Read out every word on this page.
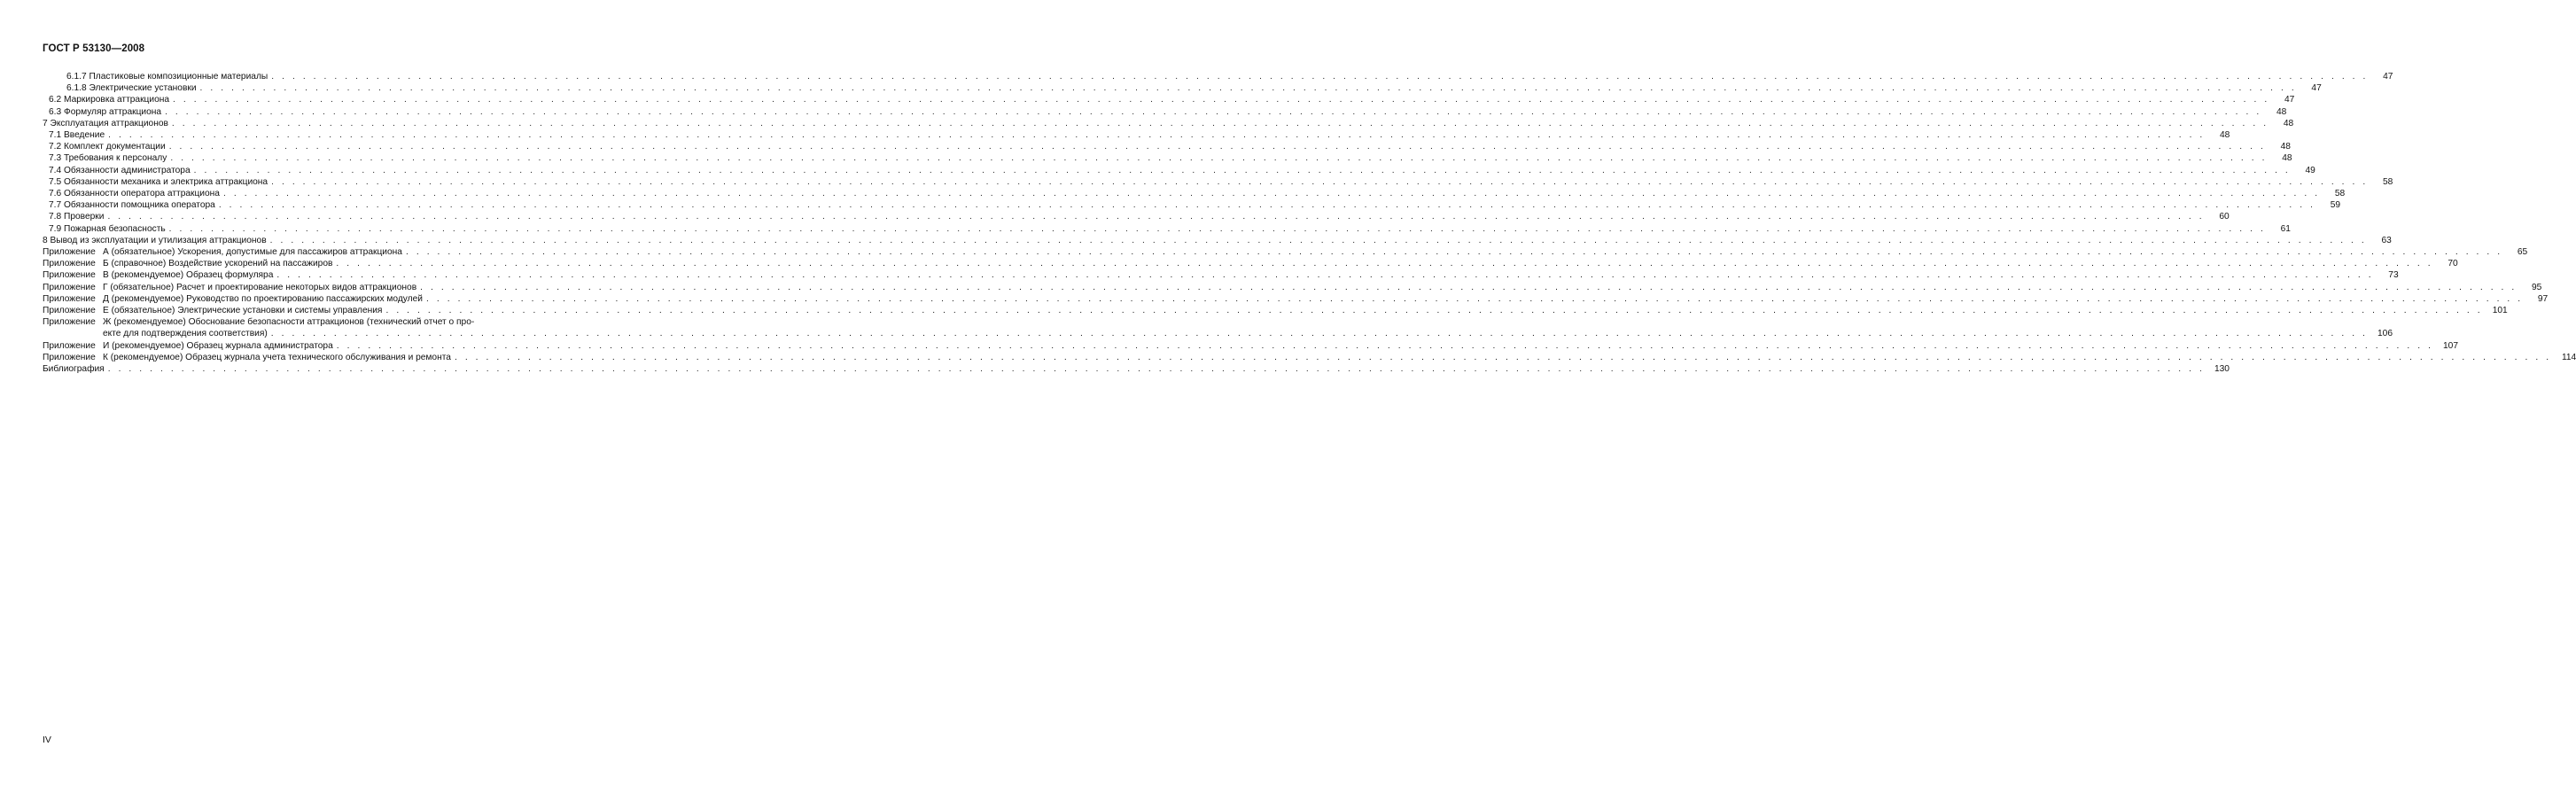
ГОСТ Р 53130—2008
6.1.7 Пластиковые композиционные материалы . . . . . . . . . . . . . . . . . . . . . . . . . . . . . . . . . . . . . . . . . . . . . . . . . . . . . . . . . . . . . . . . . . . . . . . . . . . . . . . . . . . . . . . . . . . . . . . . . . . . . . . . . . . . . . . . . . . . . . . . . . . . . . . . . . . . . . . . . . . . . . . . . . . . . . . . . . . . . . . . . . . . . . . . . . . . . . . . . . . . . . . . . . . . . . . . . . . . . . . .	47
6.1.8 Электрические установки . . . . . . . . . . . . . . . . . . . . . . . . . . . . . . . . . . . . . . . . . . . . . . . . . . . . . . . . . . . . . . . . . . . . . . . . . . . . . . . . . . . . . . . . . . . . . . . . . . . . . . . . . . . . . . . . . . . . . . . . . . . . . . . . . . . . . . . . . . . . . . . . . . . . . . . . . . . . . . . . . . . . . . . . . . . . . . . . . . . . . . . . . . . . . . . . . . . . . . . .	47
6.2 Маркировка аттракциона . . . . . . . . . . . . . . . . . . . . . . . . . . . . . . . . . . . . . . . . . . . . . . . . . . . . . . . . . . . . . . . . . . . . . . . . . . . . . . . . . . . . . . . . . . . . . . . . . . . . . . . . . . . . . . . . . . . . . . . . . . . . . . . . . . . . . . . . . . . . . . . . . . . . . . . . . . . . . . . . . . . . . . . . . . . . . . . . . . . . . . . . . . . . . . . . . . . . . . . .	47
6.3 Формуляр аттракциона . . . . . . . . . . . . . . . . . . . . . . . . . . . . . . . . . . . . . . . . . . . . . . . . . . . . . . . . . . . . . . . . . . . . . . . . . . . . . . . . . . . . . . . . . . . . . . . . . . . . . . . . . . . . . . . . . . . . . . . . . . . . . . . . . . . . . . . . . . . . . . . . . . . . . . . . . . . . . . . . . . . . . . . . . . . . . . . . . . . . . . . . . . . . . . . . . . . . . . . .	48
7 Эксплуатация аттракционов . . . . . . . . . . . . . . . . . . . . . . . . . . . . . . . . . . . . . . . . . . . . . . . . . . . . . . . . . . . . . . . . . . . . . . . . . . . . . . . . . . . . . . . . . . . . . . . . . . . . . . . . . . . . . . . . . . . . . . . . . . . . . . . . . . . . . . . . . . . . . . . . . . . . . . . . . . . . . . . . . . . . . . . . . . . . . . . . . . . . . . . . . . . . . . . . . . . . . . . .	48
7.1 Введение . . . . . . . . . . . . . . . . . . . . . . . . . . . . . . . . . . . . . . . . . . . . . . . . . . . . . . . . . . . . . . . . . . . . . . . . . . . . . . . . . . . . . . . . . . . . . . . . . . . . . . . . . . . . . . . . . . . . . . . . . . . . . . . . . . . . . . . . . . . . . . . . . . . . . . . . . . . . . . . . . . . . . . . . . . . . . . . . . . . . . . . . . . . . . . . . . . . . . . . .	48
7.2 Комплект документации . . . . . . . . . . . . . . . . . . . . . . . . . . . . . . . . . . . . . . . . . . . . . . . . . . . . . . . . . . . . . . . . . . . . . . . . . . . . . . . . . . . . . . . . . . . . . . . . . . . . . . . . . . . . . . . . . . . . . . . . . . . . . . . . . . . . . . . . . . . . . . . . . . . . . . . . . . . . . . . . . . . . . . . . . . . . . . . . . . . . . . . . . . . . . . . . . . . . . . . .	48
7.3 Требования к персоналу . . . . . . . . . . . . . . . . . . . . . . . . . . . . . . . . . . . . . . . . . . . . . . . . . . . . . . . . . . . . . . . . . . . . . . . . . . . . . . . . . . . . . . . . . . . . . . . . . . . . . . . . . . . . . . . . . . . . . . . . . . . . . . . . . . . . . . . . . . . . . . . . . . . . . . . . . . . . . . . . . . . . . . . . . . . . . . . . . . . . . . . . . . . . . . . . . . . . . . . .	48
7.4 Обязанности администратора . . . . . . . . . . . . . . . . . . . . . . . . . . . . . . . . . . . . . . . . . . . . . . . . . . . . . . . . . . . . . . . . . . . . . . . . . . . . . . . . . . . . . . . . . . . . . . . . . . . . . . . . . . . . . . . . . . . . . . . . . . . . . . . . . . . . . . . . . . . . . . . . . . . . . . . . . . . . . . . . . . . . . . . . . . . . . . . . . . . . . . . . . . . . . . . . . . . . . . . .	49
7.5 Обязанности механика и электрика аттракциона . . . . . . . . . . . . . . . . . . . . . . . . . . . . . . . . . . . . . . . . . . . . . . . . . . . . . . . . . . . . . . . . . . . . . . . . . . . . . . . . . . . . . . . . . . . . . . . . . . . . . . . . . . . . . . . . . . . . . . . . . . . . . . . . . . . . . . . . . . . . . . . . . . . . . . . . . . . . . . . . . . . . . . . . . . . . . . . . . . . . . . . . . . . . . . . . . . . . . . . .	58
7.6 Обязанности оператора аттракциона . . . . . . . . . . . . . . . . . . . . . . . . . . . . . . . . . . . . . . . . . . . . . . . . . . . . . . . . . . . . . . . . . . . . . . . . . . . . . . . . . . . . . . . . . . . . . . . . . . . . . . . . . . . . . . . . . . . . . . . . . . . . . . . . . . . . . . . . . . . . . . . . . . . . . . . . . . . . . . . . . . . . . . . . . . . . . . . . . . . . . . . . . . . . . . . . . . . . . . . .	58
7.7 Обязанности помощника оператора . . . . . . . . . . . . . . . . . . . . . . . . . . . . . . . . . . . . . . . . . . . . . . . . . . . . . . . . . . . . . . . . . . . . . . . . . . . . . . . . . . . . . . . . . . . . . . . . . . . . . . . . . . . . . . . . . . . . . . . . . . . . . . . . . . . . . . . . . . . . . . . . . . . . . . . . . . . . . . . . . . . . . . . . . . . . . . . . . . . . . . . . . . . . . . . . . . . . . . . .	59
7.8 Проверки . . . . . . . . . . . . . . . . . . . . . . . . . . . . . . . . . . . . . . . . . . . . . . . . . . . . . . . . . . . . . . . . . . . . . . . . . . . . . . . . . . . . . . . . . . . . . . . . . . . . . . . . . . . . . . . . . . . . . . . . . . . . . . . . . . . . . . . . . . . . . . . . . . . . . . . . . . . . . . . . . . . . . . . . . . . . . . . . . . . . . . . . . . . . . . . . . . . . . . . .	60
7.9 Пожарная безопасность . . . . . . . . . . . . . . . . . . . . . . . . . . . . . . . . . . . . . . . . . . . . . . . . . . . . . . . . . . . . . . . . . . . . . . . . . . . . . . . . . . . . . . . . . . . . . . . . . . . . . . . . . . . . . . . . . . . . . . . . . . . . . . . . . . . . . . . . . . . . . . . . . . . . . . . . . . . . . . . . . . . . . . . . . . . . . . . . . . . . . . . . . . . . . . . . . . . . . . . .	61
8 Вывод из эксплуатации и утилизация аттракционов . . . . . . . . . . . . . . . . . . . . . . . . . . . . . . . . . . . . . . . . . . . . . . . . . . . . . . . . . . . . . . . . . . . . . . . . . . . . . . . . . . . . . . . . . . . . . . . . . . . . . . . . . . . . . . . . . . . . . . . . . . . . . . . . . . . . . . . . . . . . . . . . . . . . . . . . . . . . . . . . . . . . . . . . . . . . . . . . . . . . . . . . . . . . . . . . . . . . . . . .	63
Приложение А (обязательное) Ускорения, допустимые для пассажиров аттракциона . . . . . . . . . . . . . . . . . . . . . . . . . . . . . . . . . . . . . . . . . . . . . . . . . . . . . . . . . . . . . . . . . . . . . . . . . . . . . . . . . . . . . . . . . . . . . . . . . . . . . . . . . . . . . . . . . . . . . . . . . . . . . . . . . . . . . . . . . . . . . . . . . . . . . . . . . . . . . . . . . . . . . . . . . . . . . . . . . . . . . . . . . . . . . . . . . . . . . . . .	65
Приложение Б (справочное) Воздействие ускорений на пассажиров . . . . . . . . . . . . . . . . . . . . . . . . . . . . . . . . . . . . . . . . . . . . . . . . . . . . . . . . . . . . . . . . . . . . . . . . . . . . . . . . . . . . . . . . . . . . . . . . . . . . . . . . . . . . . . . . . . . . . . . . . . . . . . . . . . . . . . . . . . . . . . . . . . . . . . . . . . . . . . . . . . . . . . . . . . . . . . . . . . . . . . . . . . . . . . . . . . . . . . . .	70
Приложение В (рекомендуемое) Образец формуляра . . . . . . . . . . . . . . . . . . . . . . . . . . . . . . . . . . . . . . . . . . . . . . . . . . . . . . . . . . . . . . . . . . . . . . . . . . . . . . . . . . . . . . . . . . . . . . . . . . . . . . . . . . . . . . . . . . . . . . . . . . . . . . . . . . . . . . . . . . . . . . . . . . . . . . . . . . . . . . . . . . . . . . . . . . . . . . . . . . . . . . . . . . . . . . . . . . . . . . . .	73
Приложение Г (обязательное) Расчет и проектирование некоторых видов аттракционов . . . . . . . . . . . . . . . . . . . . . . . . . . . . . . . . . . . . . . . . . . . . . . . . . . . . . . . . . . . . . . . . . . . . . . . . . . . . . . . . . . . . . . . . . . . . . . . . . . . . . . . . . . . . . . . . . . . . . . . . . . . . . . . . . . . . . . . . . . . . . . . . . . . . . . . . . . . . . . . . . . . . . . . . . . . . . . . . . . . . . . . . . . . . . . . . . . . . . . . .	95
Приложение Д (рекомендуемое) Руководство по проектированию пассажирских модулей . . . . . . . . . . . . . . . . . . . . . . . . . . . . . . . . . . . . . . . . . . . . . . . . . . . . . . . . . . . . . . . . . . . . . . . . . . . . . . . . . . . . . . . . . . . . . . . . . . . . . . . . . . . . . . . . . . . . . . . . . . . . . . . . . . . . . . . . . . . . . . . . . . . . . . . . . . . . . . . . . . . . . . . . . . . . . . . . . . . . . . . . . . . . . . . . . . . . . . . .	97
Приложение Е (обязательное) Электрические установки и системы управления . . . . . . . . . . . . . . . . . . . . . . . . . . . . . . . . . . . . . . . . . . . . . . . . . . . . . . . . . . . . . . . . . . . . . . . . . . . . . . . . . . . . . . . . . . . . . . . . . . . . . . . . . . . . . . . . . . . . . . . . . . . . . . . . . . . . . . . . . . . . . . . . . . . . . . . . . . . . . . . . . . . . . . . . . . . . . . . . . . . . . . . . . . . . . . . . . . . . . . . .	101
Приложение Ж (рекомендуемое) Обоснование безопасности аттракционов (технический отчет о про-
екте для подтверждения соответствия) . . . . . . . . . . . . . . . . . . . . . . . . . . . . . . . . . . . . . . . . . . . . . . . . . . . . . . . . . . . . . . . . . . . . . . . . . . . . . . . . . . . . . . . . . . . . . . . . . . . . . . . . . . . . . . . . . . . . . . . . . . . . . . . . . . . . . . . . . . . . . . . . . . . . . . . . . . . . . . . . . . . . . . . . . . . . . . . . . . . . . . . . . . . . . . . . . . . . . . . .	106
Приложение И (рекомендуемое) Образец журнала администратора . . . . . . . . . . . . . . . . . . . . . . . . . . . . . . . . . . . . . . . . . . . . . . . . . . . . . . . . . . . . . . . . . . . . . . . . . . . . . . . . . . . . . . . . . . . . . . . . . . . . . . . . . . . . . . . . . . . . . . . . . . . . . . . . . . . . . . . . . . . . . . . . . . . . . . . . . . . . . . . . . . . . . . . . . . . . . . . . . . . . . . . . . . . . . . . . . . . . . . . .	107
Приложение К (рекомендуемое) Образец журнала учета технического обслуживания и ремонта . . . . . . . . . . . . . . . . . . . . . . . . . . . . . . . . . . . . . . . . . . . . . . . . . . . . . . . . . . . . . . . . . . . . . . . . . . . . . . . . . . . . . . . . . . . . . . . . . . . . . . . . . . . . . . . . . . . . . . . . . . . . . . . . . . . . . . . . . . . . . . . . . . . . . . . . . . . . . . . . . . . . . . . . . . . . . . . . . . . . . . . . . . . . . . . . . . . . . . . .	114
Библиография . . . . . . . . . . . . . . . . . . . . . . . . . . . . . . . . . . . . . . . . . . . . . . . . . . . . . . . . . . . . . . . . . . . . . . . . . . . . . . . . . . . . . . . . . . . . . . . . . . . . . . . . . . . . . . . . . . . . . . . . . . . . . . . . . . . . . . . . . . . . . . . . . . . . . . . . . . . . . . . . . . . . . . . . . . . . . . . . . . . . . . . . . . . . . . . . . . . . . . . .	130
IV
